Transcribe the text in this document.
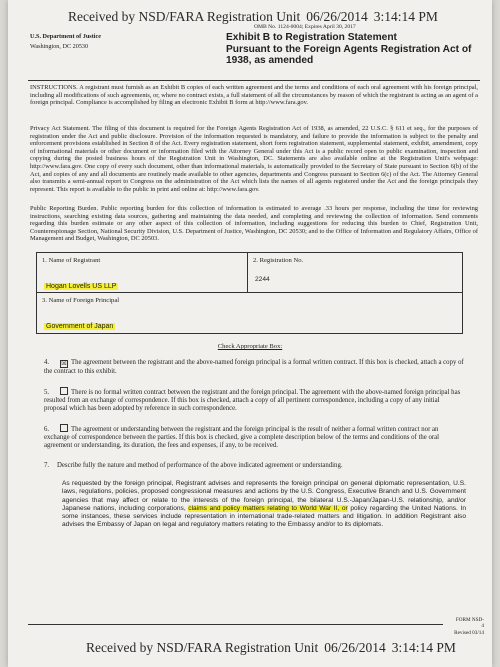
Received by NSD/FARA Registration Unit 06/26/2014 3:14:14 PM
OMB No. 1124-0004; Expires April 30, 2017
U.S. Department of Justice
Washington, DC 20530
Exhibit B to Registration Statement
Pursuant to the Foreign Agents Registration Act of
1938, as amended
INSTRUCTIONS. A registrant must furnish as an Exhibit B copies of each written agreement and the terms and conditions of each oral agreement with his foreign principal, including all modifications of such agreements, or, where no contract exists, a full statement of all the circumstances by reason of which the registrant is acting as an agent of a foreign principal. Compliance is accomplished by filing an electronic Exhibit B form at http://www.fara.gov.
Privacy Act Statement. The filing of this document is required for the Foreign Agents Registration Act of 1938, as amended, 22 U.S.C. § 611 et seq., for the purposes of registration under the Act and public disclosure. Provision of the information requested is mandatory, and failure to provide the information is subject to the penalty and enforcement provisions established in Section 8 of the Act. Every registration statement, short form registration statement, supplemental statement, exhibit, amendment, copy of informational materials or other document or information filed with the Attorney General under this Act is a public record open to public examination, inspection and copying during the posted business hours of the Registration Unit in Washington, DC. Statements are also available online at the Registration Unit's webpage: http://www.fara.gov. One copy of every such document, other than informational materials, is automatically provided to the Secretary of State pursuant to Section 6(b) of the Act, and copies of any and all documents are routinely made available to other agencies, departments and Congress pursuant to Section 6(c) of the Act. The Attorney General also transmits a semi-annual report to Congress on the administration of the Act which lists the names of all agents registered under the Act and the foreign principals they represent. This report is available to the public in print and online at: http://www.fara.gov.
Public Reporting Burden. Public reporting burden for this collection of information is estimated to average .33 hours per response, including the time for reviewing instructions, searching existing data sources, gathering and maintaining the data needed, and completing and reviewing the collection of information. Send comments regarding this burden estimate or any other aspect of this collection of information, including suggestions for reducing this burden to Chief, Registration Unit, Counterespionage Section, National Security Division, U.S. Department of Justice, Washington, DC 20530; and to the Office of Information and Regulatory Affairs, Office of Management and Budget, Washington, DC 20503.
1. Name of Registrant
Hogan Lovells US LLP
2. Registration No.
2244
3. Name of Foreign Principal
Government of Japan
Check Appropriate Box:
4. ☒ The agreement between the registrant and the above-named foreign principal is a formal written contract. If this box is checked, attach a copy of the contract to this exhibit.
5.	There is no formal written contract between the registrant and the foreign principal. The agreement with the above-named foreign principal has resulted from an exchange of correspondence. If this box is checked, attach a copy of all pertinent correspondence, including a copy of any initial proposal which has been adopted by reference in such correspondence.
6.	The agreement or understanding between the registrant and the foreign principal is the result of neither a formal written contract nor an exchange of correspondence between the parties. If this box is checked, give a complete description below of the terms and conditions of the oral agreement or understanding, its duration, the fees and expenses, if any, to be received.
7. Describe fully the nature and method of performance of the above indicated agreement or understanding.
As requested by the foreign principal, Registrant advises and represents the foreign principal on general diplomatic representation, U.S. laws, regulations, policies, proposed congressional measures and actions by the U.S. Congress, Executive Branch and U.S. Government agencies that may affect or relate to the interests of the foreign principal, the bilateral U.S.-Japan/Japan-U.S. relationship, and/or Japanese nations, including corporations, claims and policy matters relating to World War II, or policy regarding the United Nations. In some instances, these services include representation in international trade-related matters and litigation. In addition Registrant also advises the Embassy of Japan on legal and regulatory matters relating to the Embassy and/or to its diplomats.
FORM NSD-4
Revised 03/14
Received by NSD/FARA Registration Unit 06/26/2014 3:14:14 PM
